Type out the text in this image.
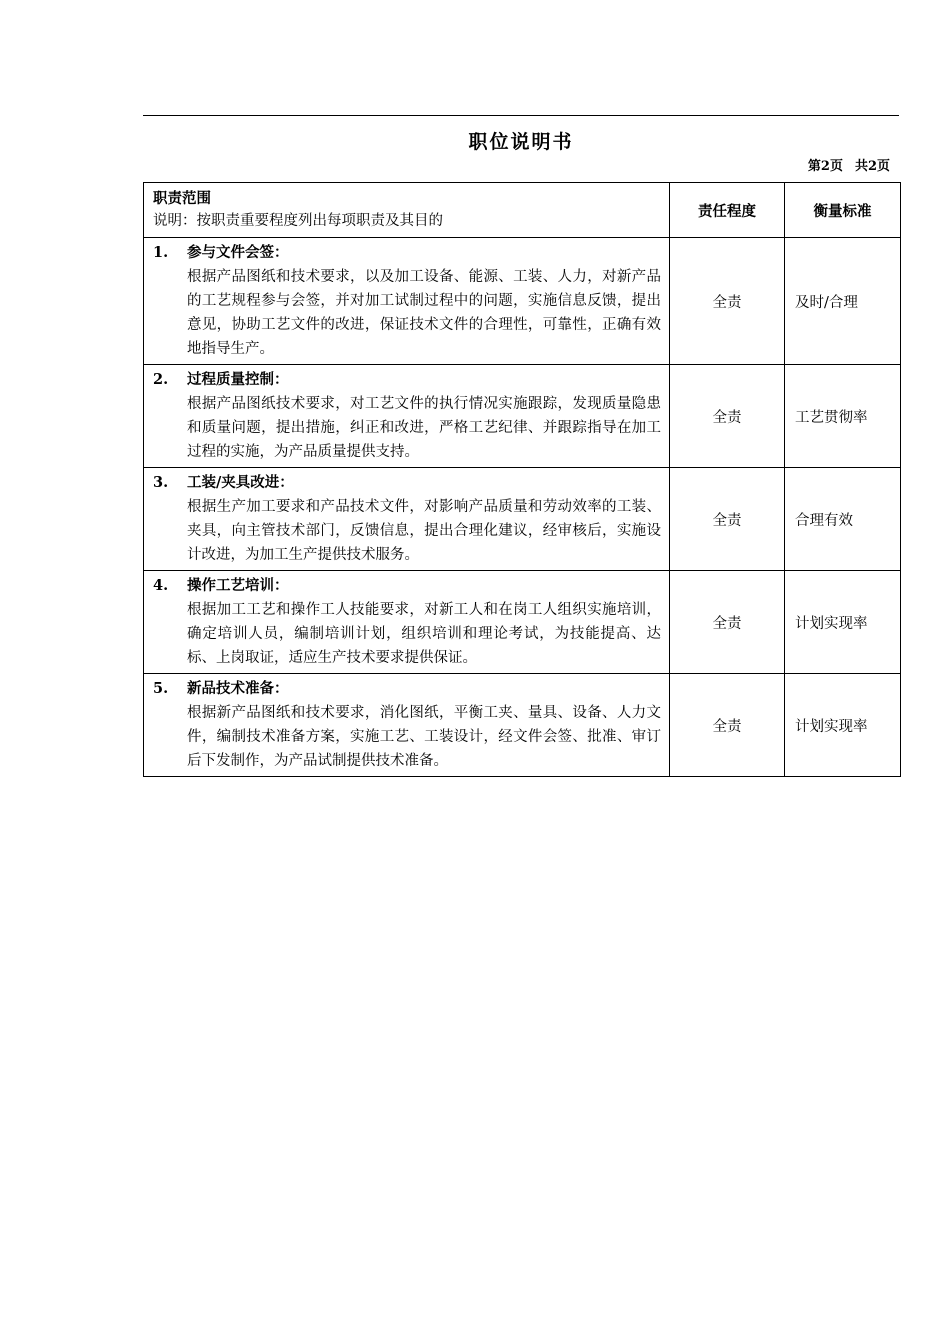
职位说明书
第2页 共2页
职责范围
说明：按职责重要程度列出每项职责及其目的	责任程度	衡量标准

1. 参与文件会签：
根据产品图纸和技术要求，以及加工设备、能源、工装、人力，对新产品的工艺规程参与会签，并对加工试制过程中的问题，实施信息反馈，提出意见，协助工艺文件的改进，保证技术文件的合理性，可靠性，正确有效地指导生产。	全责	及时/合理

2. 过程质量控制：
根据产品图纸技术要求，对工艺文件的执行情况实施跟踪，发现质量隐患和质量问题，提出措施，纠正和改进，严格工艺纪律、并跟踪指导在加工过程的实施，为产品质量提供支持。	全责	工艺贯彻率

3. 工装/夹具改进：
根据生产加工要求和产品技术文件，对影响产品质量和劳动效率的工装、夹具，向主管技术部门，反馈信息，提出合理化建议，经审核后，实施设计改进，为加工生产提供技术服务。	全责	合理有效

4. 操作工艺培训：
根据加工工艺和操作工人技能要求，对新工人和在岗工人组织实施培训，确定培训人员，编制培训计划，组织培训和理论考试，为技能提高、达标、上岗取证，适应生产技术要求提供保证。	全责	计划实现率

5. 新品技术准备：
根据新产品图纸和技术要求，消化图纸，平衡工夹、量具、设备、人力文件，编制技术准备方案，实施工艺、工装设计，经文件会签、批准、审订后下发制作，为产品试制提供技术准备。	全责	计划实现率
